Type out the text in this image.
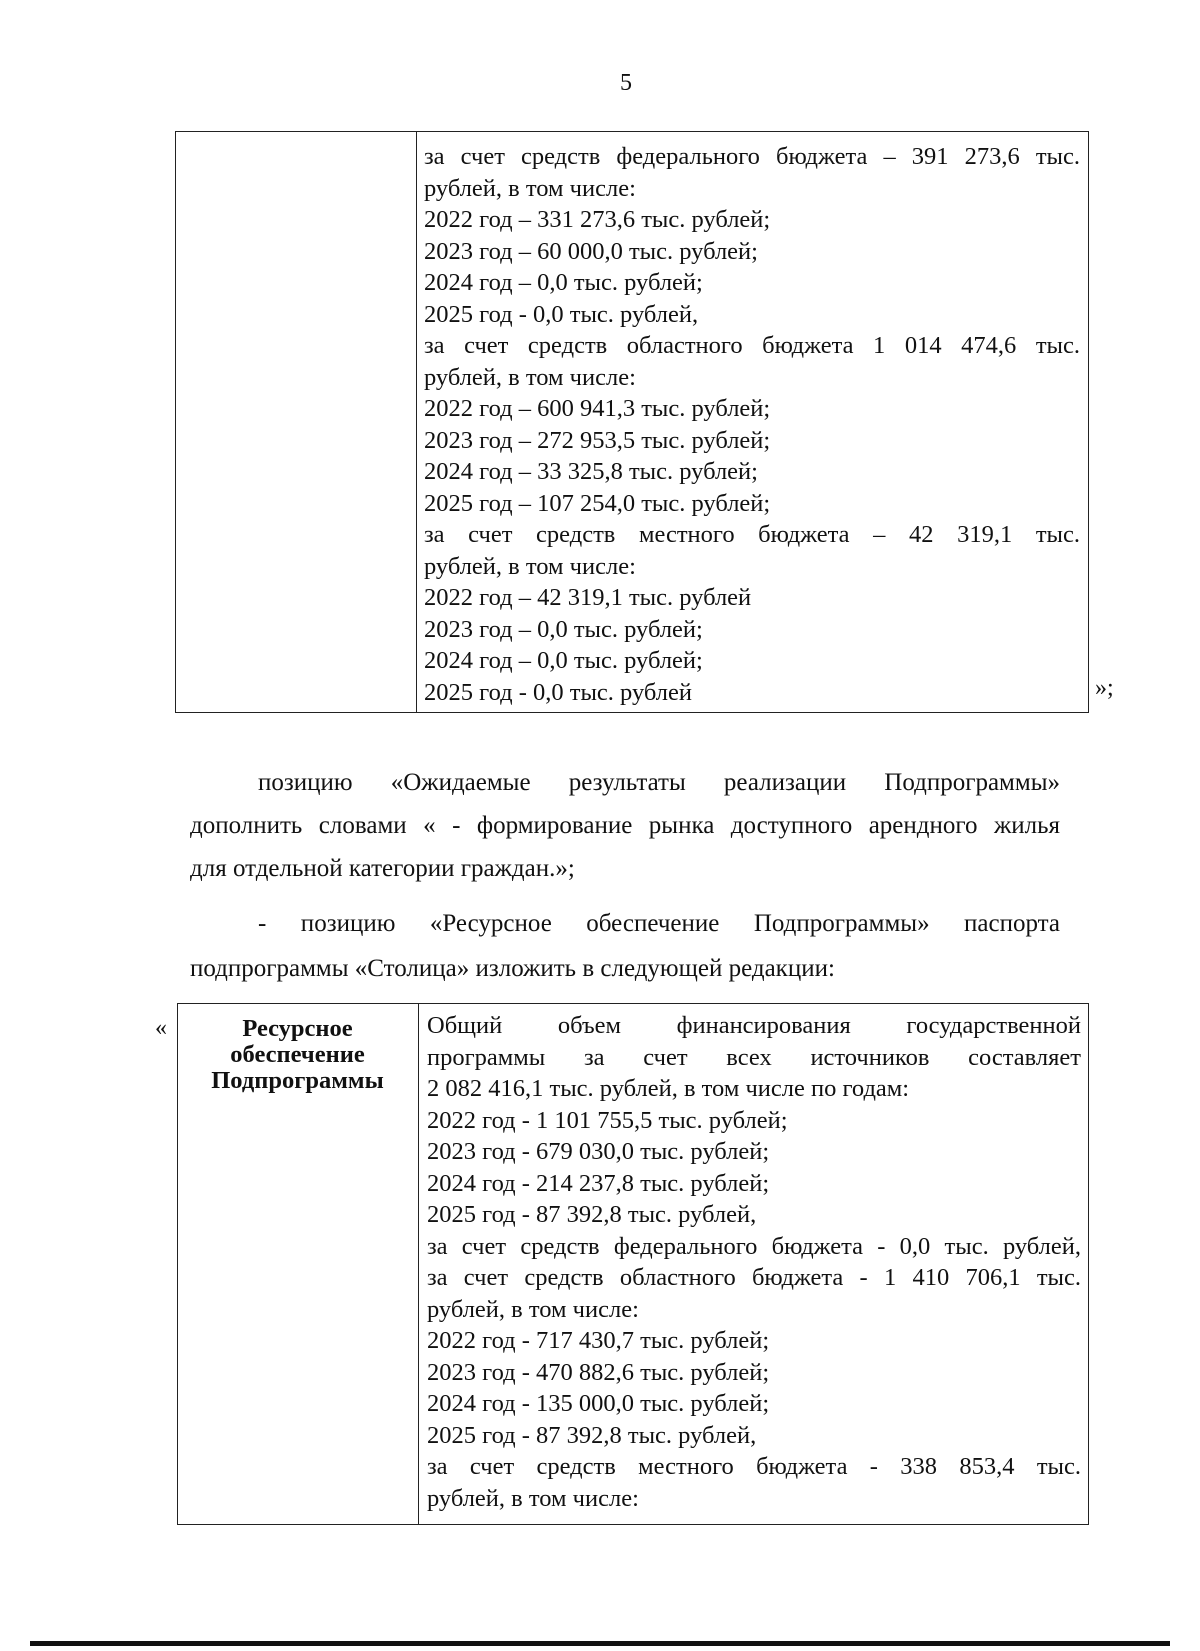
5
за счет средств федерального бюджета – 391 273,6 тыс.
рублей, в том числе:
2022 год – 331 273,6 тыс. рублей;
2023 год – 60 000,0 тыс. рублей;
2024 год – 0,0 тыс. рублей;
2025 год - 0,0 тыс. рублей,
за счет средств областного бюджета 1 014 474,6 тыс.
рублей, в том числе:
2022 год – 600 941,3 тыс. рублей;
2023 год – 272 953,5 тыс. рублей;
2024 год – 33 325,8 тыс. рублей;
2025 год – 107 254,0 тыс. рублей;
за счет средств местного бюджета – 42 319,1 тыс.
рублей, в том числе:
2022 год – 42 319,1 тыс. рублей
2023 год – 0,0 тыс. рублей;
2024 год – 0,0 тыс. рублей;
2025 год - 0,0 тыс. рублей	»;
позицию «Ожидаемые результаты реализации Подпрограммы»
дополнить словами « - формирование рынка доступного арендного жилья
для отдельной категории граждан.»;
- позицию «Ресурсное обеспечение Подпрограммы» паспорта
подпрограммы «Столица» изложить в следующей редакции:
«	Ресурсное
обеспечение
Подпрограммы
Общий объем финансирования государственной
программы за счет всех источников составляет
2 082 416,1 тыс. рублей, в том числе по годам:
2022 год - 1 101 755,5 тыс. рублей;
2023 год - 679 030,0 тыс. рублей;
2024 год - 214 237,8 тыс. рублей;
2025 год - 87 392,8 тыс. рублей,
за счет средств федерального бюджета - 0,0 тыс. рублей,
за счет средств областного бюджета - 1 410 706,1 тыс.
рублей, в том числе:
2022 год - 717 430,7 тыс. рублей;
2023 год - 470 882,6 тыс. рублей;
2024 год - 135 000,0 тыс. рублей;
2025 год - 87 392,8 тыс. рублей,
за счет средств местного бюджета - 338 853,4 тыс.
рублей, в том числе:
